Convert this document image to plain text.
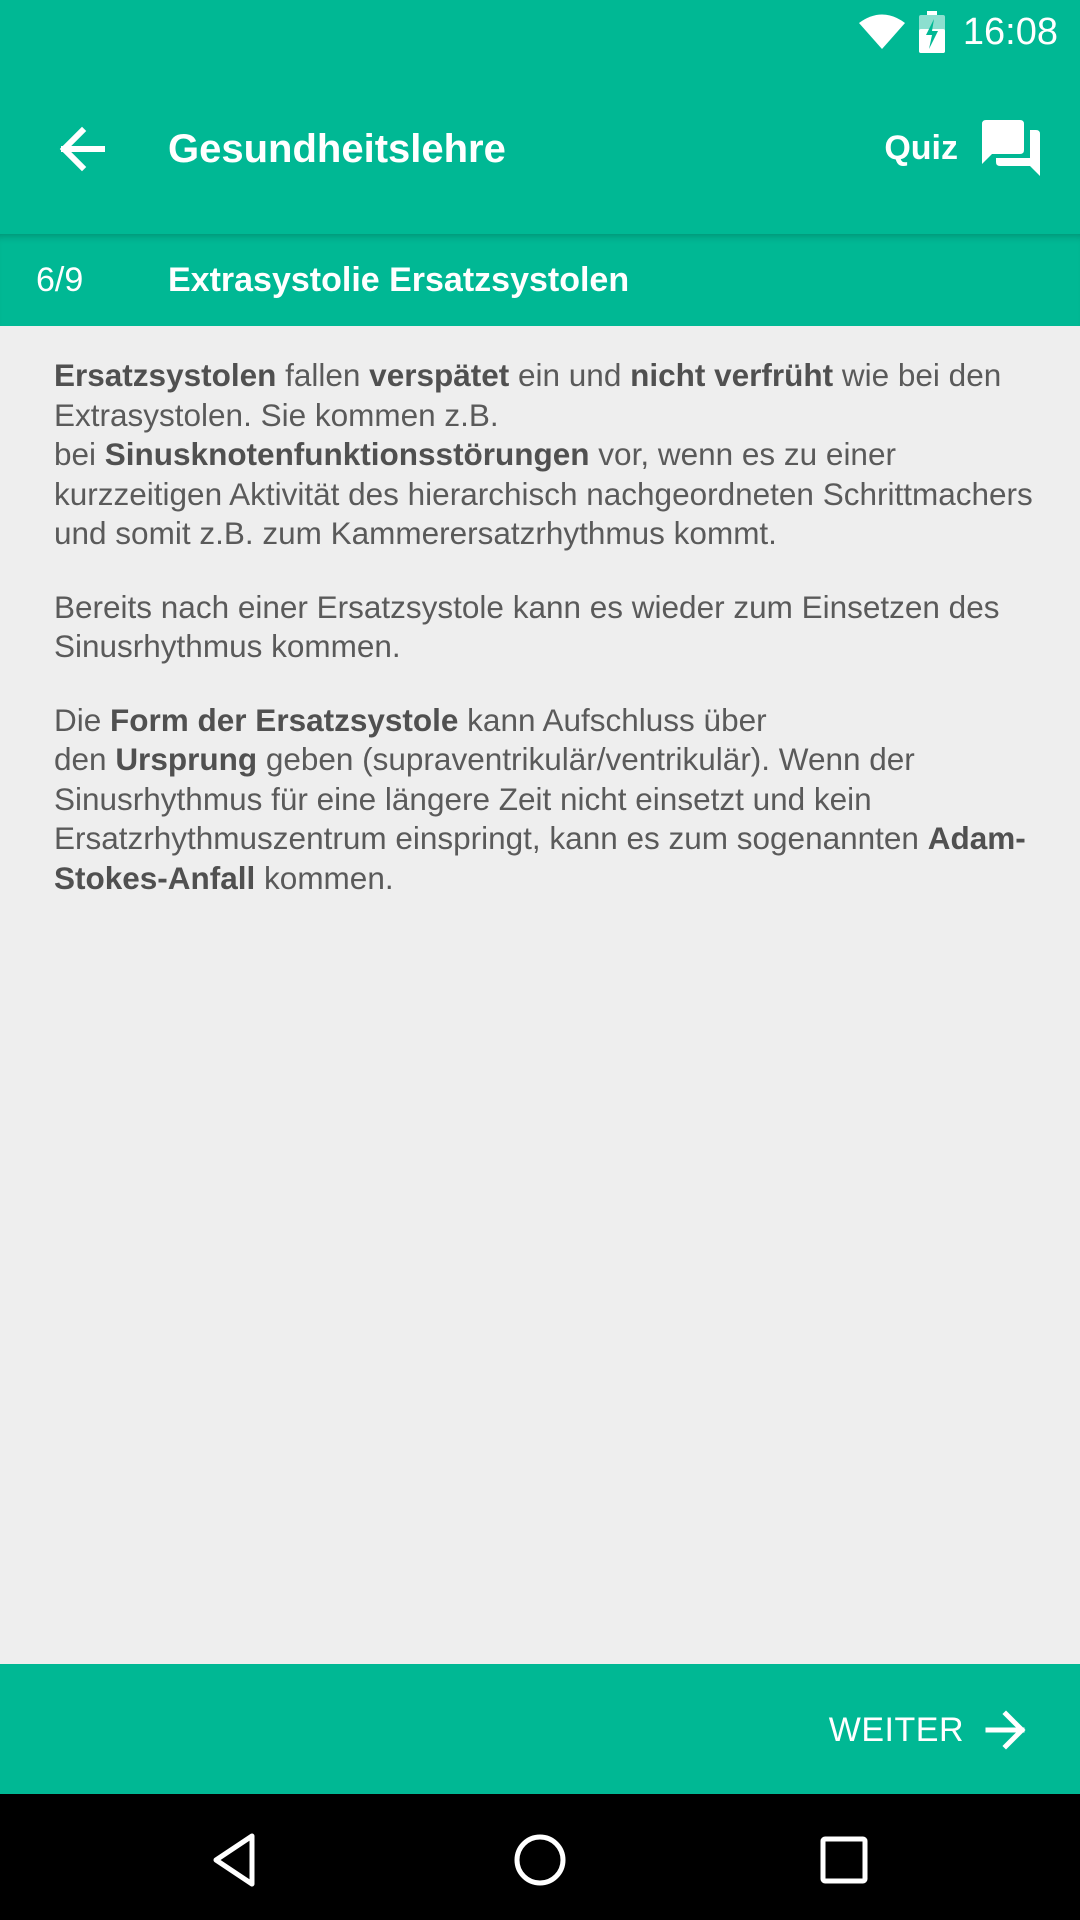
16:08
Gesundheitslehre	Quiz
6/9 Extrasystolie Ersatzsystolen

Ersatzsystolen fallen verspätet ein und nicht verfrüht wie bei den Extrasystolen. Sie kommen z.B.
bei Sinusknotenfunktionsstörungen vor, wenn es zu einer kurzzeitigen Aktivität des hierarchisch nachgeordneten Schrittmachers und somit z.B. zum Kammerersatzrhythmus kommt.

Bereits nach einer Ersatzsystole kann es wieder zum Einsetzen des Sinusrhythmus kommen.

Die Form der Ersatzsystole kann Aufschluss über
den Ursprung geben (supraventrikulär/ventrikulär). Wenn der Sinusrhythmus für eine längere Zeit nicht einsetzt und kein Ersatzrhythmuszentrum einspringt, kann es zum sogenannten Adam-Stokes-Anfall kommen.

WEITER
